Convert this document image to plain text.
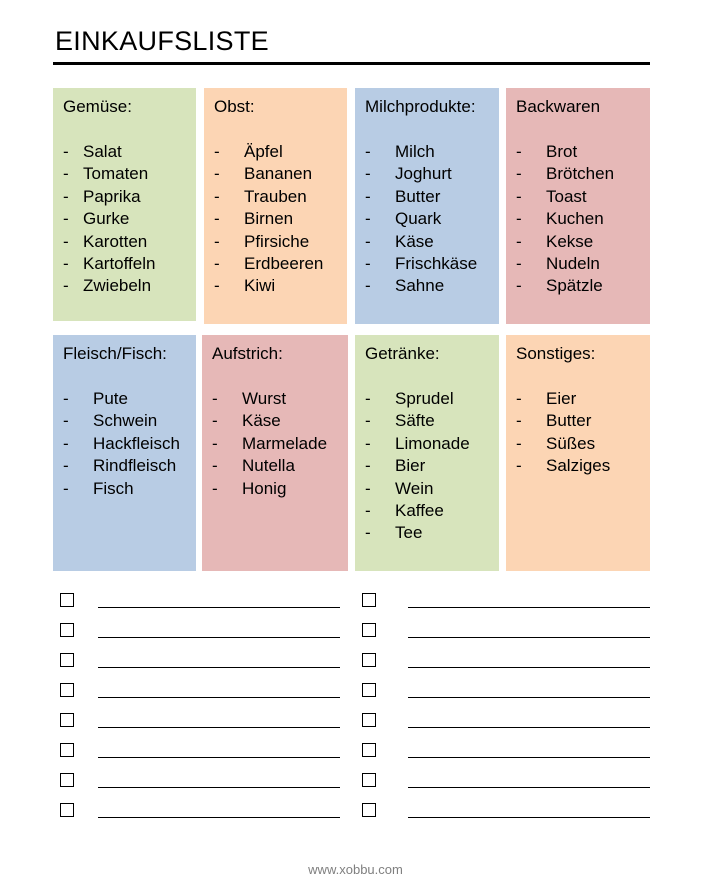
EINKAUFSLISTE
Gemüse:
- Salat
- Tomaten
- Paprika
- Gurke
- Karotten
- Kartoffeln
- Zwiebeln
Obst:
- Äpfel
- Bananen
- Trauben
- Birnen
- Pfirsiche
- Erdbeeren
- Kiwi
Milchprodukte:
- Milch
- Joghurt
- Butter
- Quark
- Käse
- Frischkäse
- Sahne
Backwaren
- Brot
- Brötchen
- Toast
- Kuchen
- Kekse
- Nudeln
- Spätzle
Fleisch/Fisch:
- Pute
- Schwein
- Hackfleisch
- Rindfleisch
- Fisch
Aufstrich:
- Wurst
- Käse
- Marmelade
- Nutella
- Honig
Getränke:
- Sprudel
- Säfte
- Limonade
- Bier
- Wein
- Kaffee
- Tee
Sonstiges:
- Eier
- Butter
- Süßes
- Salziges
www.xobbu.com
